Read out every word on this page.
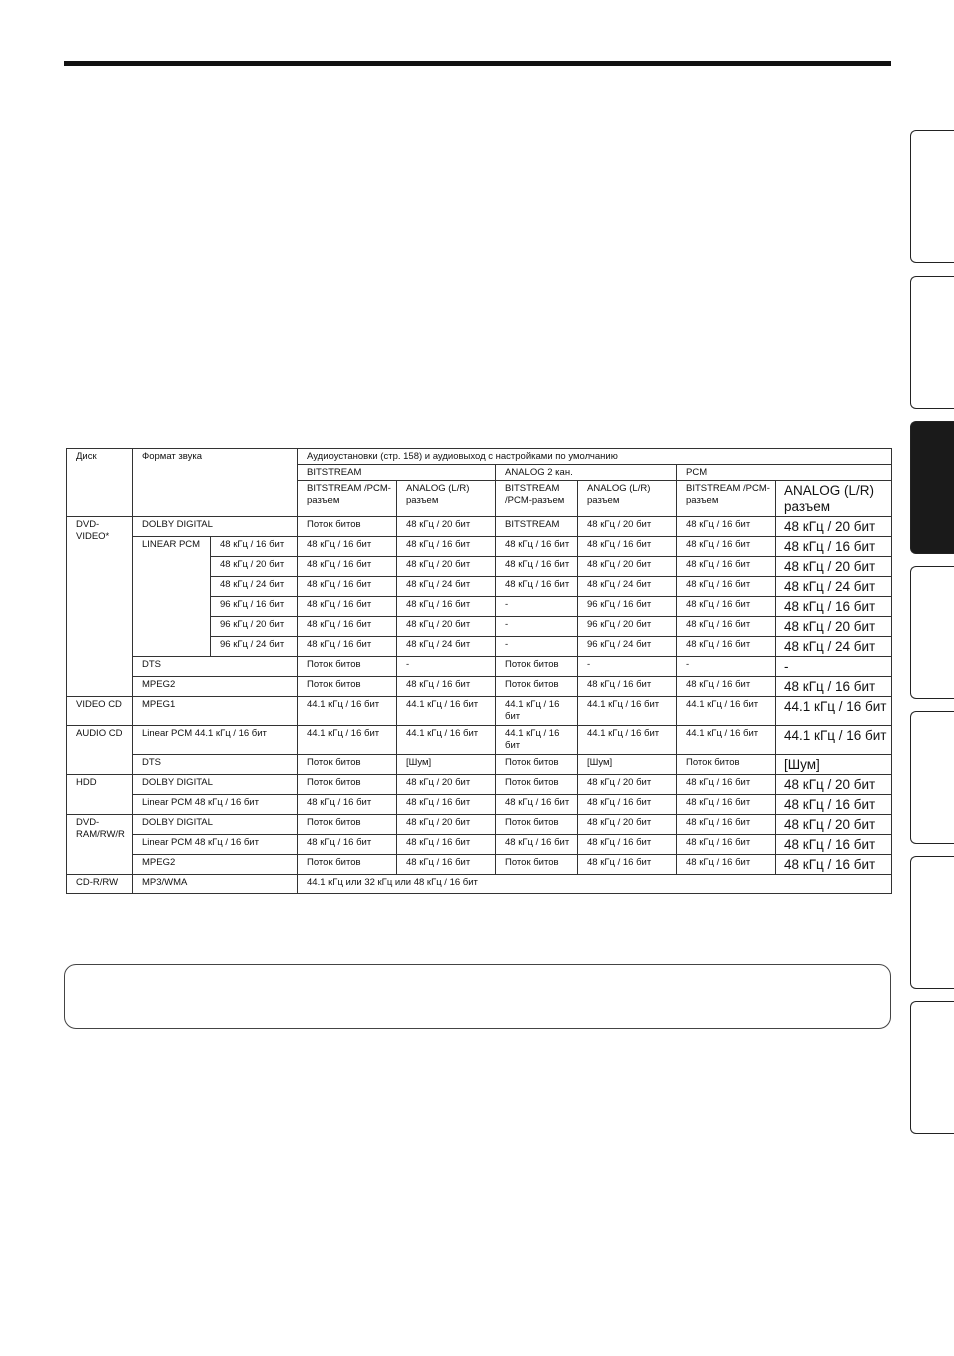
Диск	Формат звука		Аудиоустановки (стр. 158) и аудиовыход с настройками по умолчанию					
			BITSTREAM		ANALOG 2 кан.		PCM	
			BITSTREAM /PCM-разъем	ANALOG (L/R) разъем	BITSTREAM /PCM-разъем	ANALOG (L/R) разъем	BITSTREAM /PCM-разъем	ANALOG (L/R) разъем
DVD-VIDEO*	DOLBY DIGITAL		Поток битов	48 кГц / 20 бит	BITSTREAM	48 кГц / 20 бит	48 кГц / 16 бит	48 кГц / 20 бит
	LINEAR PCM	48 кГц / 16 бит	48 кГц / 16 бит	48 кГц / 16 бит	48 кГц / 16 бит	48 кГц / 16 бит	48 кГц / 16 бит	48 кГц / 16 бит
		48 кГц / 20 бит	48 кГц / 16 бит	48 кГц / 20 бит	48 кГц / 16 бит	48 кГц / 20 бит	48 кГц / 16 бит	48 кГц / 20 бит
		48 кГц / 24 бит	48 кГц / 16 бит	48 кГц / 24 бит	48 кГц / 16 бит	48 кГц / 24 бит	48 кГц / 16 бит	48 кГц / 24 бит
		96 кГц / 16 бит	48 кГц / 16 бит	48 кГц / 16 бит	-	96 кГц / 16 бит	48 кГц / 16 бит	48 кГц / 16 бит
		96 кГц / 20 бит	48 кГц / 16 бит	48 кГц / 20 бит	-	96 кГц / 20 бит	48 кГц / 16 бит	48 кГц / 20 бит
		96 кГц / 24 бит	48 кГц / 16 бит	48 кГц / 24 бит	-	96 кГц / 24 бит	48 кГц / 16 бит	48 кГц / 24 бит
	DTS		Поток битов	-	Поток битов	-	-	-
	MPEG2		Поток битов	48 кГц / 16 бит	Поток битов	48 кГц / 16 бит	48 кГц / 16 бит	48 кГц / 16 бит
VIDEO CD	MPEG1		44.1 кГц / 16 бит	44.1 кГц / 16 бит	44.1 кГц / 16 бит	44.1 кГц / 16 бит	44.1 кГц / 16 бит	44.1 кГц / 16 бит
AUDIO CD	Linear PCM 44.1 кГц / 16 бит		44.1 кГц / 16 бит	44.1 кГц / 16 бит	44.1 кГц / 16 бит	44.1 кГц / 16 бит	44.1 кГц / 16 бит	44.1 кГц / 16 бит
	DTS		Поток битов	[Шум]	Поток битов	[Шум]	Поток битов	[Шум]
HDD	DOLBY DIGITAL		Поток битов	48 кГц / 20 бит	Поток битов	48 кГц / 20 бит	48 кГц / 16 бит	48 кГц / 20 бит
	Linear PCM 48 кГц / 16 бит		48 кГц / 16 бит	48 кГц / 16 бит	48 кГц / 16 бит	48 кГц / 16 бит	48 кГц / 16 бит	48 кГц / 16 бит
DVD-RAM/RW/R	DOLBY DIGITAL		Поток битов	48 кГц / 20 бит	Поток битов	48 кГц / 20 бит	48 кГц / 16 бит	48 кГц / 20 бит
	Linear PCM 48 кГц / 16 бит		48 кГц / 16 бит	48 кГц / 16 бит	48 кГц / 16 бит	48 кГц / 16 бит	48 кГц / 16 бит	48 кГц / 16 бит
	MPEG2		Поток битов	48 кГц / 16 бит	Поток битов	48 кГц / 16 бит	48 кГц / 16 бит	48 кГц / 16 бит
CD-R/RW	MP3/WMA		44.1 кГц или 32 кГц или 48 кГц / 16 бит					
